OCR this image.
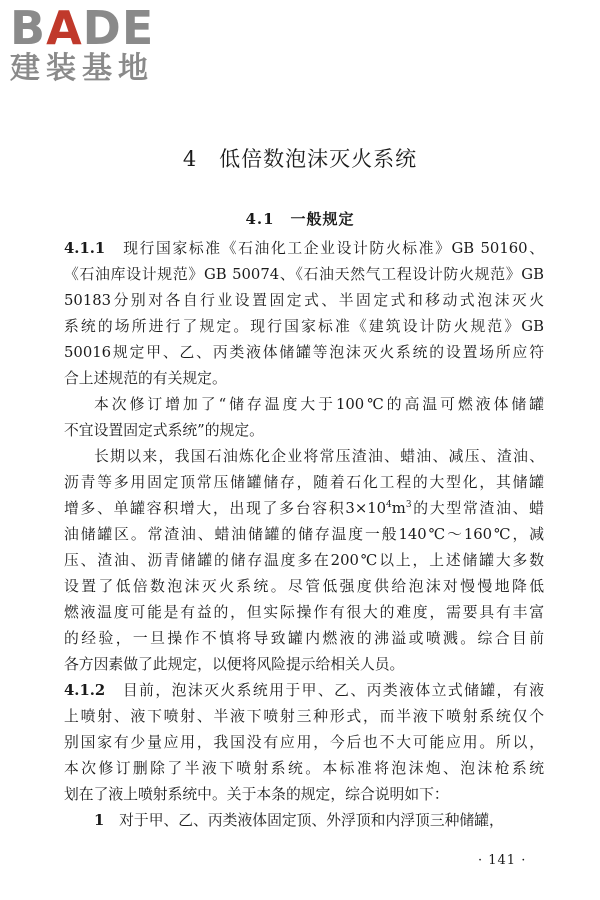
BADE
建装基地
4　低倍数泡沫灭火系统
4.1　一般规定
4.1.1　现行国家标准《石油化工企业设计防火标准》GB 50160、
《石油库设计规范》GB 50074、《石油天然气工程设计防火规范》GB
50183分别对各自行业设置固定式、半固定式和移动式泡沫灭火
系统的场所进行了规定。现行国家标准《建筑设计防火规范》GB
50016规定甲、乙、丙类液体储罐等泡沫灭火系统的设置场所应符
合上述规范的有关规定。
本次修订增加了“储存温度大于100℃的高温可燃液体储罐
不宜设置固定式系统”的规定。
长期以来，我国石油炼化企业将常压渣油、蜡油、减压、渣油、
沥青等多用固定顶常压储罐储存，随着石化工程的大型化，其储罐
增多、单罐容积增大，出现了多台容积$3\times 10^4m^3$的大型常渣油、蜡
油储罐区。常渣油、蜡油储罐的储存温度一般140℃～160℃，减
压、渣油、沥青储罐的储存温度多在200℃以上，上述储罐大多数
设置了低倍数泡沫灭火系统。尽管低强度供给泡沫对慢慢地降低
燃液温度可能是有益的，但实际操作有很大的难度，需要具有丰富
的经验，一旦操作不慎将导致罐内燃液的沸溢或喷溅。综合目前
各方因素做了此规定，以便将风险提示给相关人员。
4.1.2　目前，泡沫灭火系统用于甲、乙、丙类液体立式储罐，有液
上喷射、液下喷射、半液下喷射三种形式，而半液下喷射系统仅个
别国家有少量应用，我国没有应用，今后也不大可能应用。所以，
本次修订删除了半液下喷射系统。本标准将泡沫炮、泡沫枪系统
划在了液上喷射系统中。关于本条的规定，综合说明如下：
1　对于甲、乙、丙类液体固定顶、外浮顶和内浮顶三种储罐，
· 141 ·
